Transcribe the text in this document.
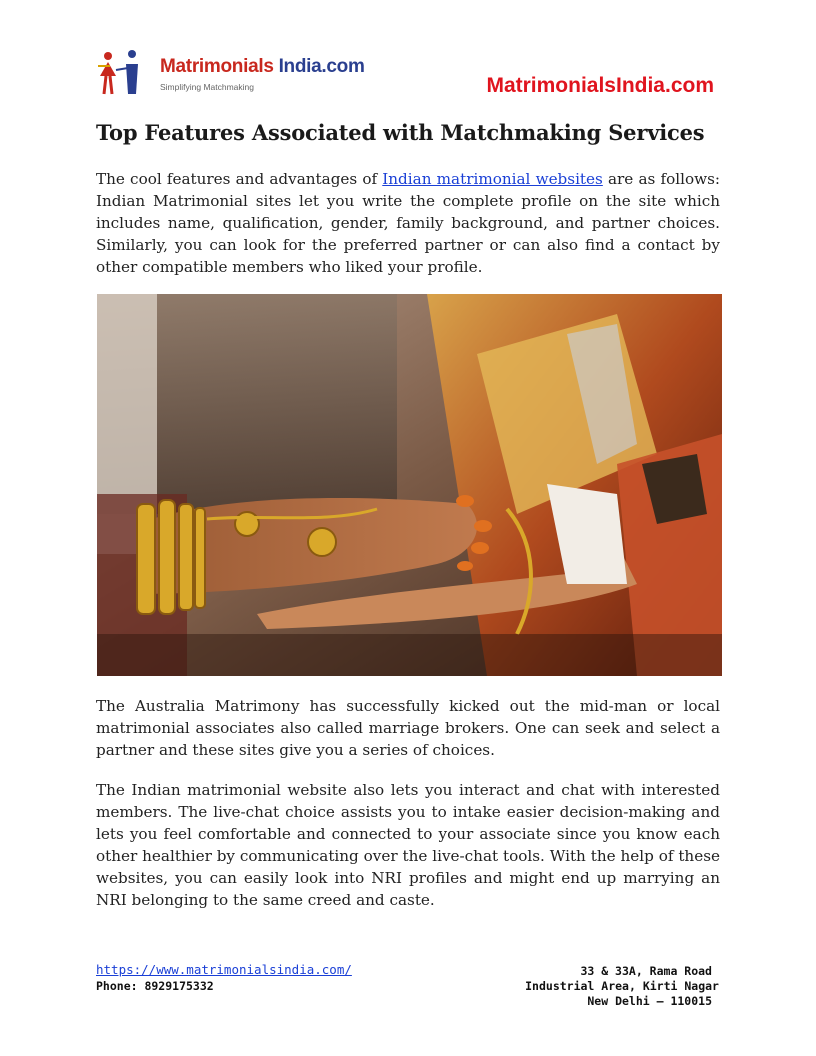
Matrimonials India.com
Simplifying Matchmaking	MatrimonialsIndia.com
Top Features Associated with Matchmaking Services

The cool features and advantages of Indian matrimonial websites are as follows: Indian Matrimonial sites let you write the complete profile on the site which includes name, qualification, gender, family background, and partner choices. Similarly, you can look for the preferred partner or can also find a contact by other compatible members who liked your profile.

The Australia Matrimony has successfully kicked out the mid-man or local matrimonial associates also called marriage brokers. One can seek and select a partner and these sites give you a series of choices.

The Indian matrimonial website also lets you interact and chat with interested members. The live-chat choice assists you to intake easier decision-making and lets you feel comfortable and connected to your associate since you know each other healthier by communicating over the live-chat tools. With the help of these websites, you can easily look into NRI profiles and might end up marrying an NRI belonging to the same creed and caste.

https://www.matrimonialsindia.com/
Phone: 8929175332
33 & 33A, Rama Road
Industrial Area, Kirti Nagar
New Delhi – 110015
